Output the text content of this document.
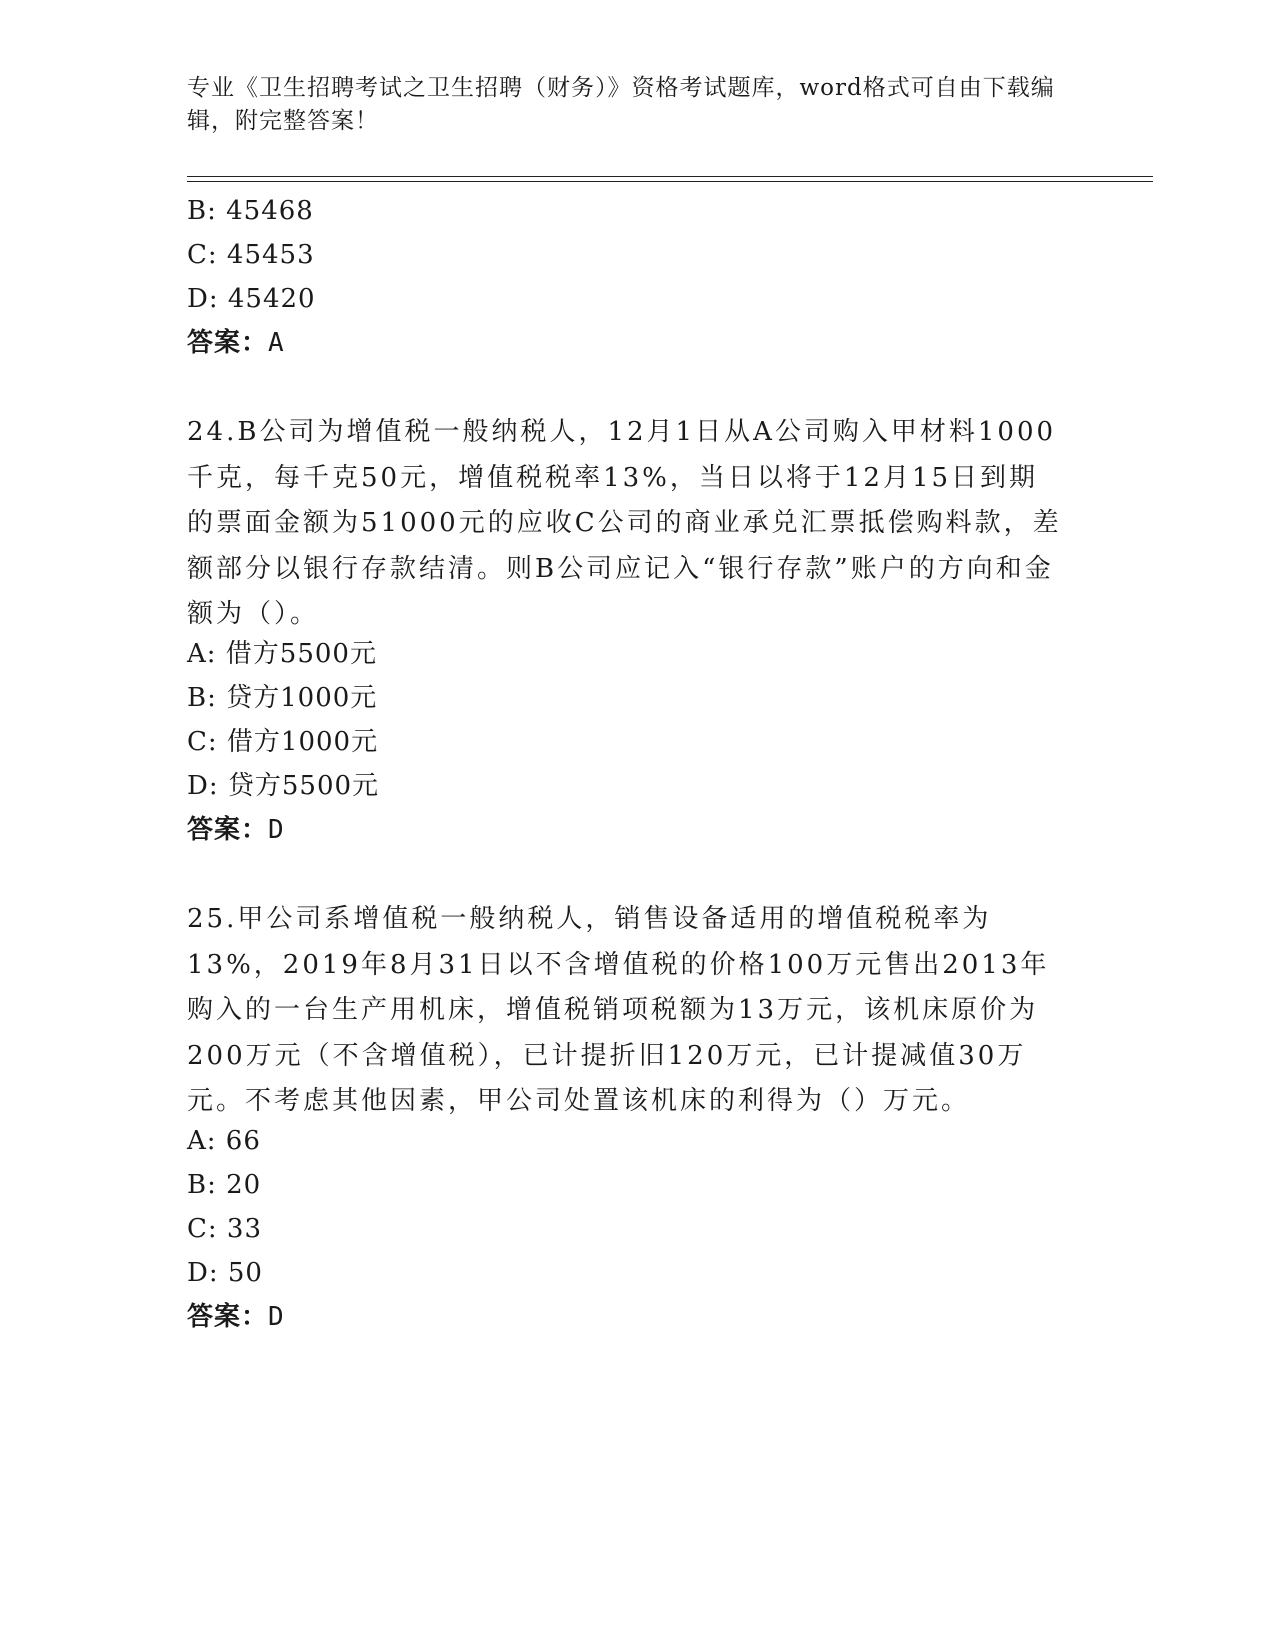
专业《卫生招聘考试之卫生招聘（财务）》资格考试题库，word格式可自由下载编辑，附完整答案！
B: 45468
C: 45453
D: 45420
答案：A
24.B公司为增值税一般纳税人，12月1日从A公司购入甲材料1000千克，每千克50元，增值税税率13%，当日以将于12月15日到期的票面金额为51000元的应收C公司的商业承兑汇票抵偿购料款，差额部分以银行存款结清。则B公司应记入“银行存款”账户的方向和金额为（）。
A: 借方5500元
B: 贷方1000元
C: 借方1000元
D: 贷方5500元
答案：D
25.甲公司系增值税一般纳税人，销售设备适用的增值税税率为13%，2019年8月31日以不含增值税的价格100万元售出2013年购入的一台生产用机床，增值税销项税额为13万元，该机床原价为200万元（不含增值税），已计提折旧120万元，已计提减值30万元。不考虑其他因素，甲公司处置该机床的利得为（）万元。
A: 66
B: 20
C: 33
D: 50
答案：D
